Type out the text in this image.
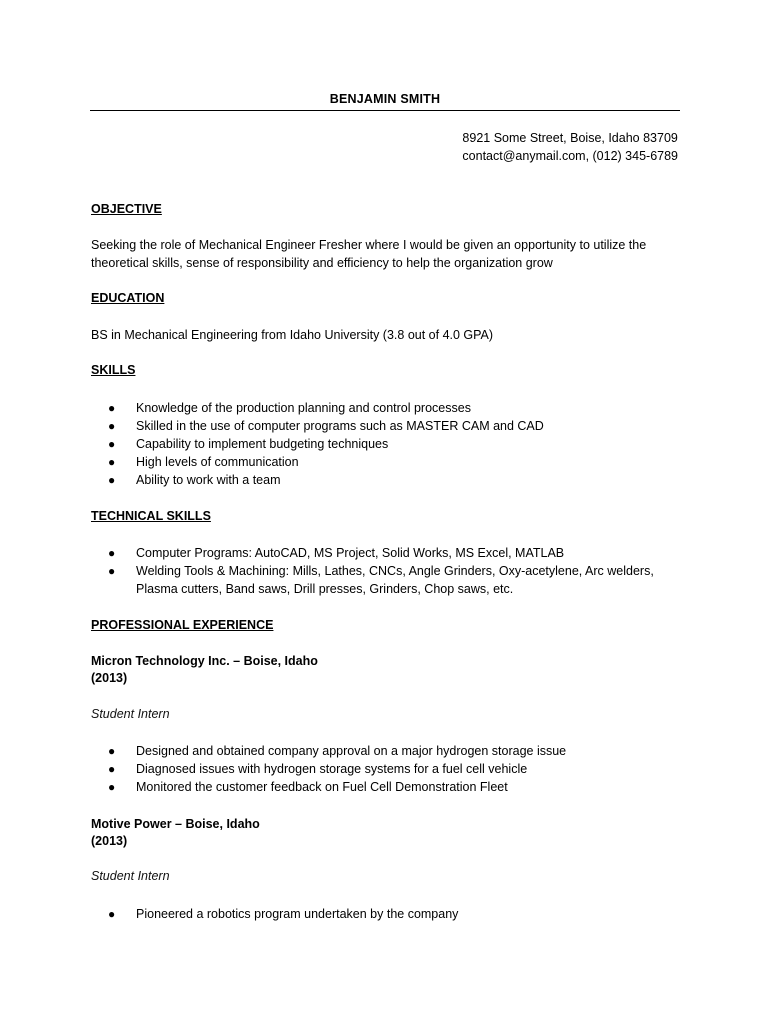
BENJAMIN SMITH
8921 Some Street, Boise, Idaho 83709
contact@anymail.com, (012) 345-6789
OBJECTIVE
Seeking the role of Mechanical Engineer Fresher where I would be given an opportunity to utilize the theoretical skills, sense of responsibility and efficiency to help the organization grow
EDUCATION
BS in Mechanical Engineering from Idaho University (3.8 out of 4.0 GPA)
SKILLS
● Knowledge of the production planning and control processes
● Skilled in the use of computer programs such as MASTER CAM and CAD
● Capability to implement budgeting techniques
● High levels of communication
● Ability to work with a team
TECHNICAL SKILLS
● Computer Programs: AutoCAD, MS Project, Solid Works, MS Excel, MATLAB
● Welding Tools & Machining: Mills, Lathes, CNCs, Angle Grinders, Oxy-acetylene, Arc welders, Plasma cutters, Band saws, Drill presses, Grinders, Chop saws, etc.
PROFESSIONAL EXPERIENCE
Micron Technology Inc. – Boise, Idaho
(2013)
Student Intern
● Designed and obtained company approval on a major hydrogen storage issue
● Diagnosed issues with hydrogen storage systems for a fuel cell vehicle
● Monitored the customer feedback on Fuel Cell Demonstration Fleet
Motive Power – Boise, Idaho
(2013)
Student Intern
● Pioneered a robotics program undertaken by the company
